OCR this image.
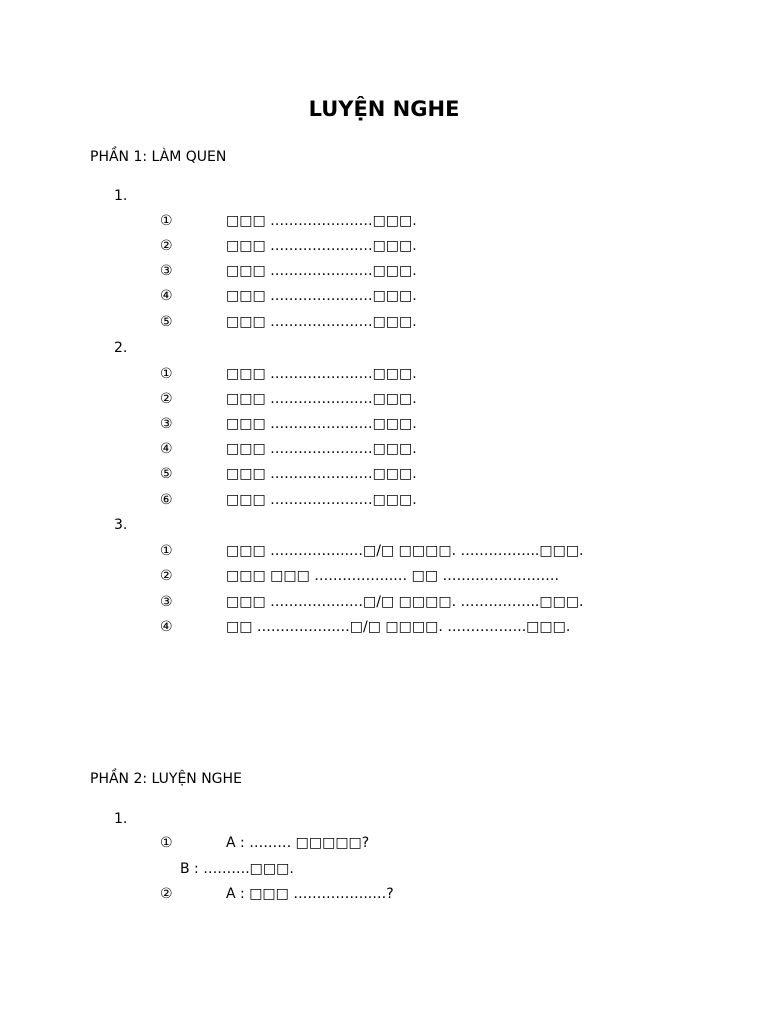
LUYỆN NGHE
PHẦN 1: LÀM QUEN
1.
①	□□□ ……………….…□□□.
②	□□□ ……………….…□□□.
③	□□□ ……………….…□□□.
④	□□□ ……………….…□□□.
⑤	□□□ ……………….…□□□.
2.
①	□□□ ……………….…□□□.
②	□□□ ……………….…□□□.
③	□□□ ……………….…□□□.
④	□□□ ……………….…□□□.
⑤	□□□ ……………….…□□□.
⑥	□□□ ……………….…□□□.
3.
①	□□□ ……………..…□/□ □□□□. ……………..□□□.
②	□□□ □□□ ……………..… □□ …………………….
③	□□□ ……………..…□/□ □□□□. ……………..□□□.
④	□□ ……………..…□/□ □□□□. ……………..□□□.
PHẦN 2: LUYỆN NGHE
1.
①	A : ……… □□□□□?
B : ……….□□□.
②	A : □□□ ……………..…?
